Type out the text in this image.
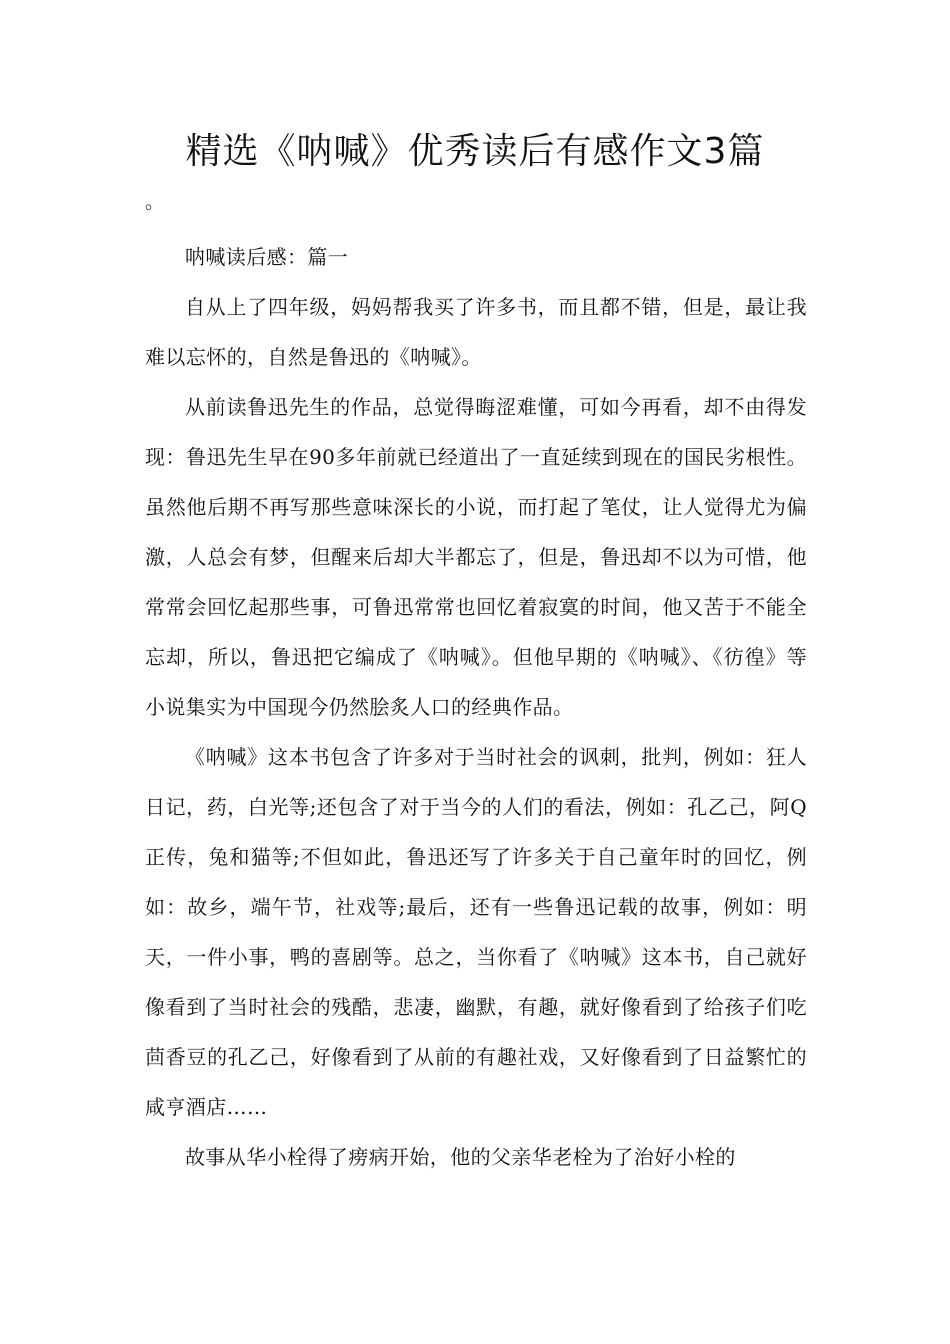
精选《呐喊》优秀读后有感作文3篇
。

呐喊读后感：篇一

自从上了四年级，妈妈帮我买了许多书，而且都不错，但是，最让我难以忘怀的，自然是鲁迅的《呐喊》。

从前读鲁迅先生的作品，总觉得晦涩难懂，可如今再看，却不由得发现：鲁迅先生早在90多年前就已经道出了一直延续到现在的国民劣根性。虽然他后期不再写那些意味深长的小说，而打起了笔仗，让人觉得尤为偏激，人总会有梦，但醒来后却大半都忘了，但是，鲁迅却不以为可惜，他常常会回忆起那些事，可鲁迅常常也回忆着寂寞的时间，他又苦于不能全忘却，所以，鲁迅把它编成了《呐喊》。但他早期的《呐喊》、《彷徨》等小说集实为中国现今仍然脍炙人口的经典作品。

《呐喊》这本书包含了许多对于当时社会的讽刺，批判，例如：狂人日记，药，白光等;还包含了对于当今的人们的看法，例如：孔乙己，阿Q正传，兔和猫等;不但如此，鲁迅还写了许多关于自己童年时的回忆，例如：故乡，端午节，社戏等;最后，还有一些鲁迅记载的故事，例如：明天，一件小事，鸭的喜剧等。总之，当你看了《呐喊》这本书，自己就好像看到了当时社会的残酷，悲凄，幽默，有趣，就好像看到了给孩子们吃茴香豆的孔乙己，好像看到了从前的有趣社戏，又好像看到了日益繁忙的咸亨酒店……

故事从华小栓得了痨病开始，他的父亲华老栓为了治好小栓的
